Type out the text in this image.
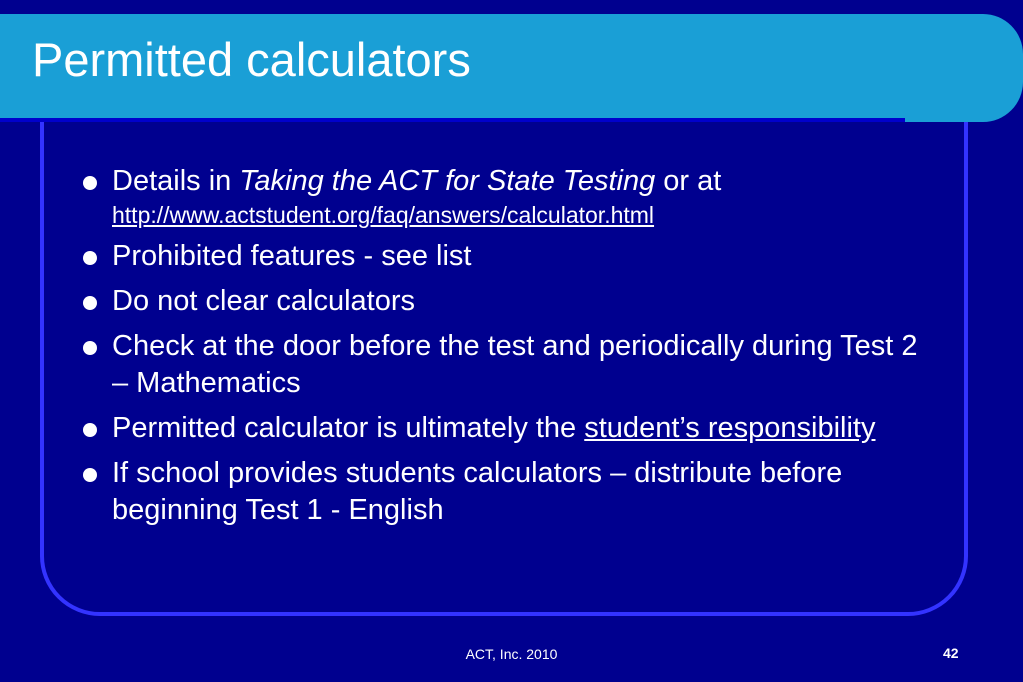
Permitted calculators
Details in Taking the ACT for State Testing or at
http://www.actstudent.org/faq/answers/calculator.html
Prohibited features - see list
Do not clear calculators
Check at the door before the test and periodically during Test 2 – Mathematics
Permitted calculator is ultimately the student’s responsibility
If school provides students calculators – distribute before beginning Test 1 - English
ACT, Inc. 2010	42
